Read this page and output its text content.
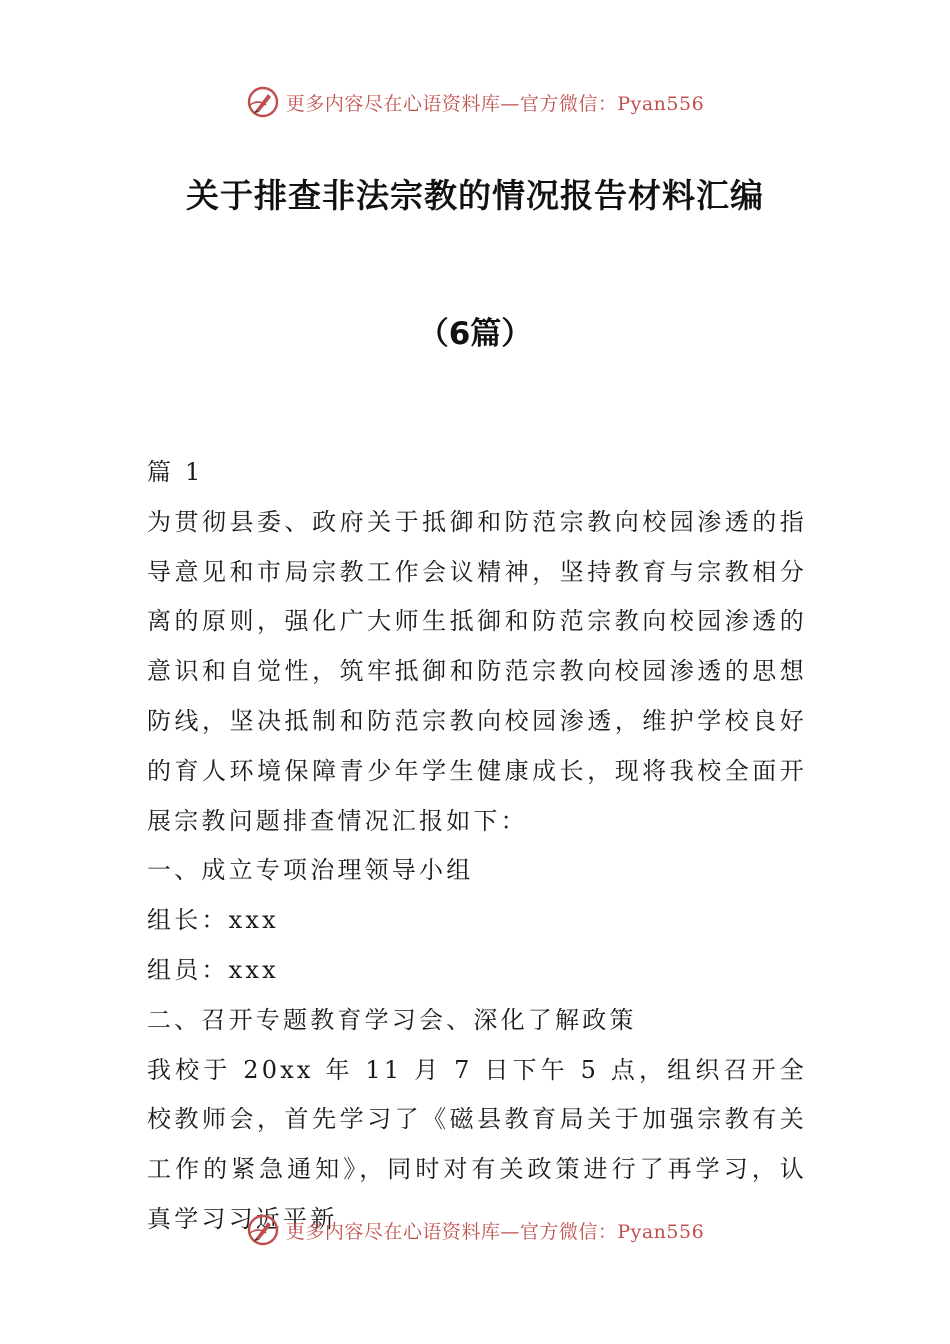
更多内容尽在心语资料库—官方微信：Pyan556
关于排查非法宗教的情况报告材料汇编
（6篇）

篇 1

为贯彻县委、政府关于抵御和防范宗教向校园渗透的指导意见和市局宗教工作会议精神，坚持教育与宗教相分离的原则，强化广大师生抵御和防范宗教向校园渗透的意识和自觉性，筑牢抵御和防范宗教向校园渗透的思想防线，坚决抵制和防范宗教向校园渗透，维护学校良好的育人环境保障青少年学生健康成长，现将我校全面开展宗教问题排查情况汇报如下：

一、成立专项治理领导小组

组长：xxx

组员：xxx

二、召开专题教育学习会、深化了解政策

我校于 20xx 年 11 月 7 日下午 5 点，组织召开全校教师会，首先学习了《磁县教育局关于加强宗教有关工作的紧急通知》，同时对有关政策进行了再学习，认真学习习近平新

更多内容尽在心语资料库—官方微信：Pyan556
